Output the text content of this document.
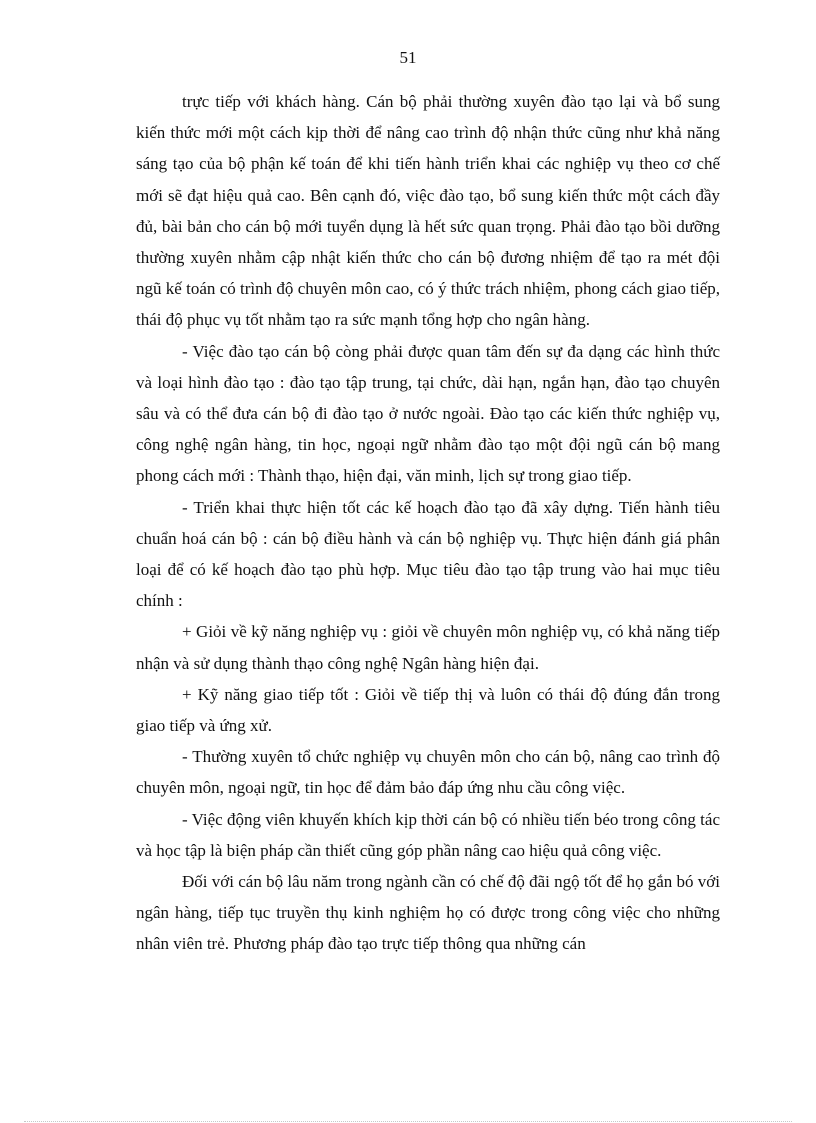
51

trực tiếp với khách hàng. Cán bộ phải thường xuyên đào tạo lại và bổ sung kiến thức mới một cách kịp thời để nâng cao trình độ nhận thức cũng như khả năng sáng tạo của bộ phận kế toán để khi tiến hành triển khai các nghiệp vụ theo cơ chế mới sẽ đạt hiệu quả cao. Bên cạnh đó, việc đào tạo, bổ sung kiến thức một cách đầy đủ, bài bản cho cán bộ mới tuyển dụng là hết sức quan trọng. Phải đào tạo bồi dưỡng thường xuyên nhằm cập nhật kiến thức cho cán bộ đương nhiệm để tạo ra mét đội ngũ kế toán có trình độ chuyên môn cao, có ý thức trách nhiệm, phong cách giao tiếp, thái độ phục vụ tốt nhằm tạo ra sức mạnh tổng hợp cho ngân hàng.

- Việc đào tạo cán bộ còng phải được quan tâm đến sự đa dạng các hình thức và loại hình đào tạo : đào tạo tập trung, tại chức, dài hạn, ngắn hạn, đào tạo chuyên sâu và có thể đưa cán bộ đi đào tạo ở nước ngoài. Đào tạo các kiến thức nghiệp vụ, công nghệ ngân hàng, tin học, ngoại ngữ nhằm đào tạo một đội ngũ cán bộ mang phong cách mới : Thành thạo, hiện đại, văn minh, lịch sự trong giao tiếp.

- Triển khai thực hiện tốt các kế hoạch đào tạo đã xây dựng. Tiến hành tiêu chuẩn hoá cán bộ : cán bộ điều hành và cán bộ nghiệp vụ. Thực hiện đánh giá phân loại để có kế hoạch đào tạo phù hợp. Mục tiêu đào tạo tập trung vào hai mục tiêu chính :

+ Giỏi về kỹ năng nghiệp vụ : giỏi về chuyên môn nghiệp vụ, có khả năng tiếp nhận và sử dụng thành thạo công nghệ Ngân hàng hiện đại.

+ Kỹ năng giao tiếp tốt : Giỏi về tiếp thị và luôn có thái độ đúng đắn trong giao tiếp và ứng xử.

- Thường xuyên tổ chức nghiệp vụ chuyên môn cho cán bộ, nâng cao trình độ chuyên môn, ngoại ngữ, tin học để đảm bảo đáp ứng nhu cầu công việc.

- Việc động viên khuyến khích kịp thời cán bộ có nhiều tiến béo trong công tác và học tập là biện pháp cần thiết cũng góp phần nâng cao hiệu quả công việc.

Đối với cán bộ lâu năm trong ngành cần có chế độ đãi ngộ tốt để họ gắn bó với ngân hàng, tiếp tục truyền thụ kinh nghiệm họ có được trong công việc cho những nhân viên trẻ. Phương pháp đào tạo trực tiếp thông qua những cán
